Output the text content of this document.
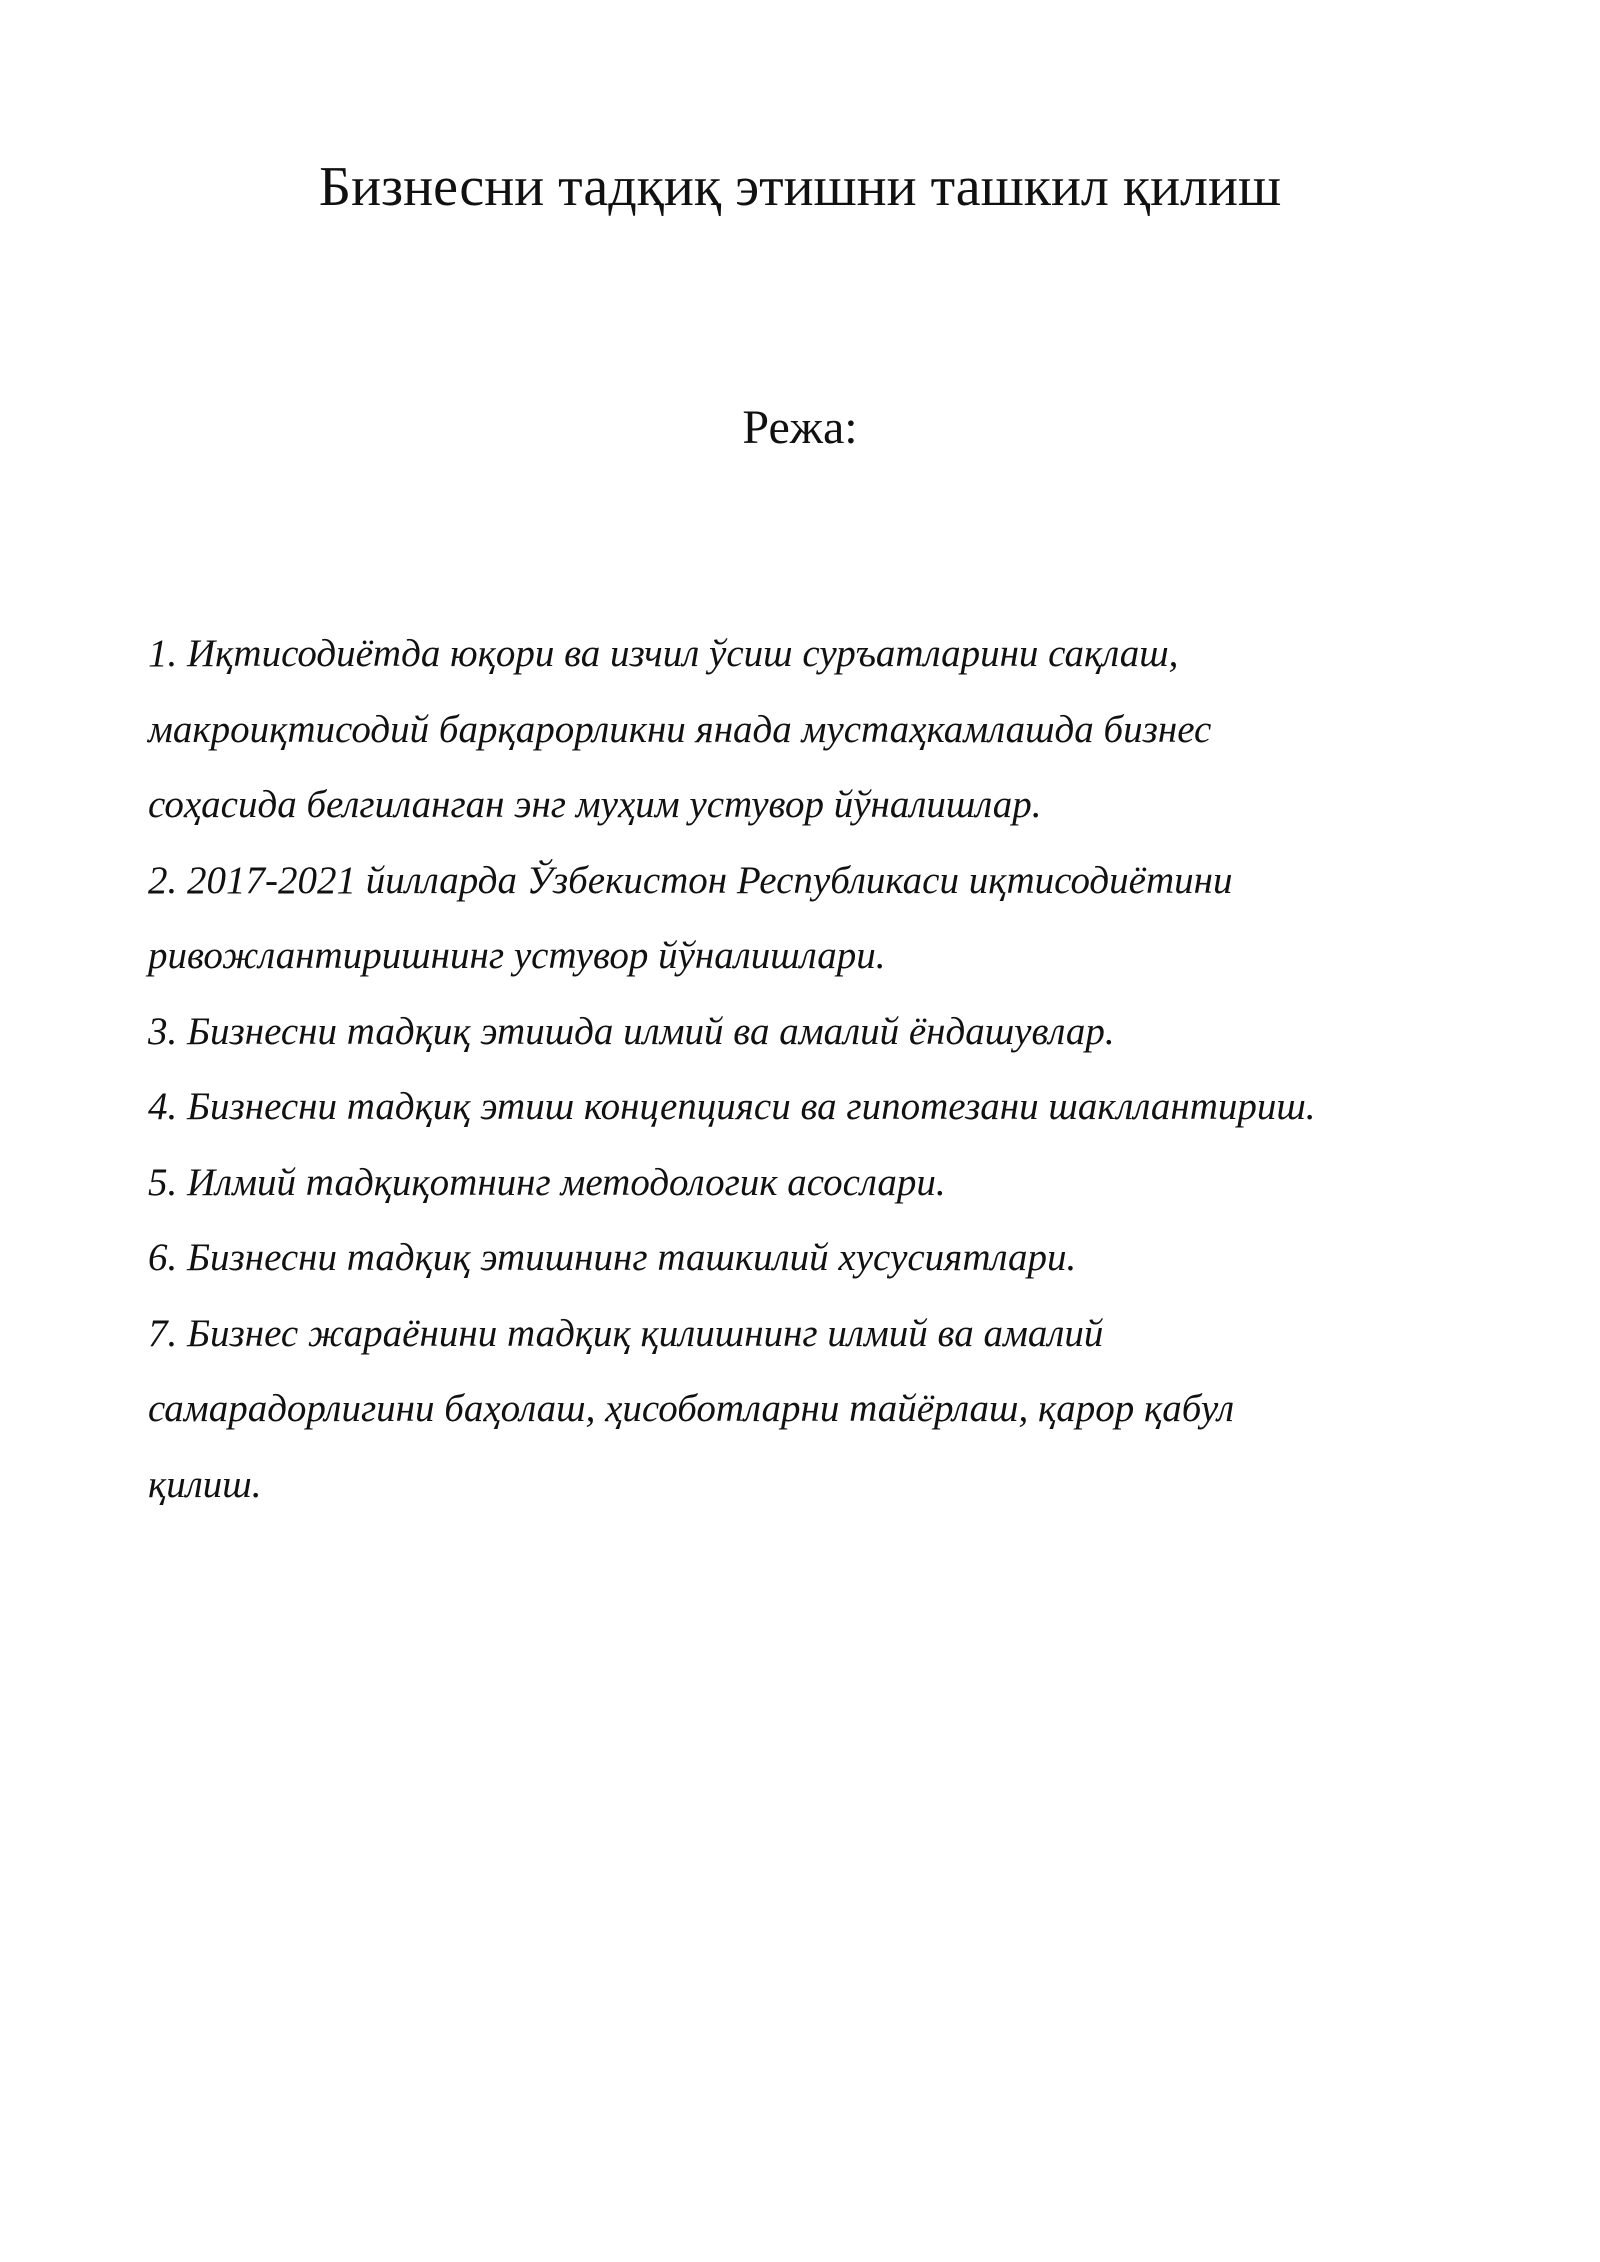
Бизнесни тадқиқ этишни ташкил қилиш
Режа:
1. Иқтисодиётда юқори ва изчил ўсиш суръатларини сақлаш,
макроиқтисодий барқарорликни янада мустаҳкамлашда бизнес
соҳасида белгиланган энг муҳим устувор йўналишлар.
2. 2017-2021 йилларда Ўзбекистон Республикаси иқтисодиётини
ривожлантиришнинг устувор йўналишлари.
3. Бизнесни тадқиқ этишда илмий ва амалий ёндашувлар.
4. Бизнесни тадқиқ этиш концепцияси ва гипотезани шакллантириш.
5. Илмий тадқиқотнинг методологик асослари.
6. Бизнесни тадқиқ этишнинг ташкилий хусусиятлари.
7. Бизнес жараёнини тадқиқ қилишнинг илмий ва амалий
самарадорлигини баҳолаш, ҳисоботларни тайёрлаш, қарор қабул
қилиш.
